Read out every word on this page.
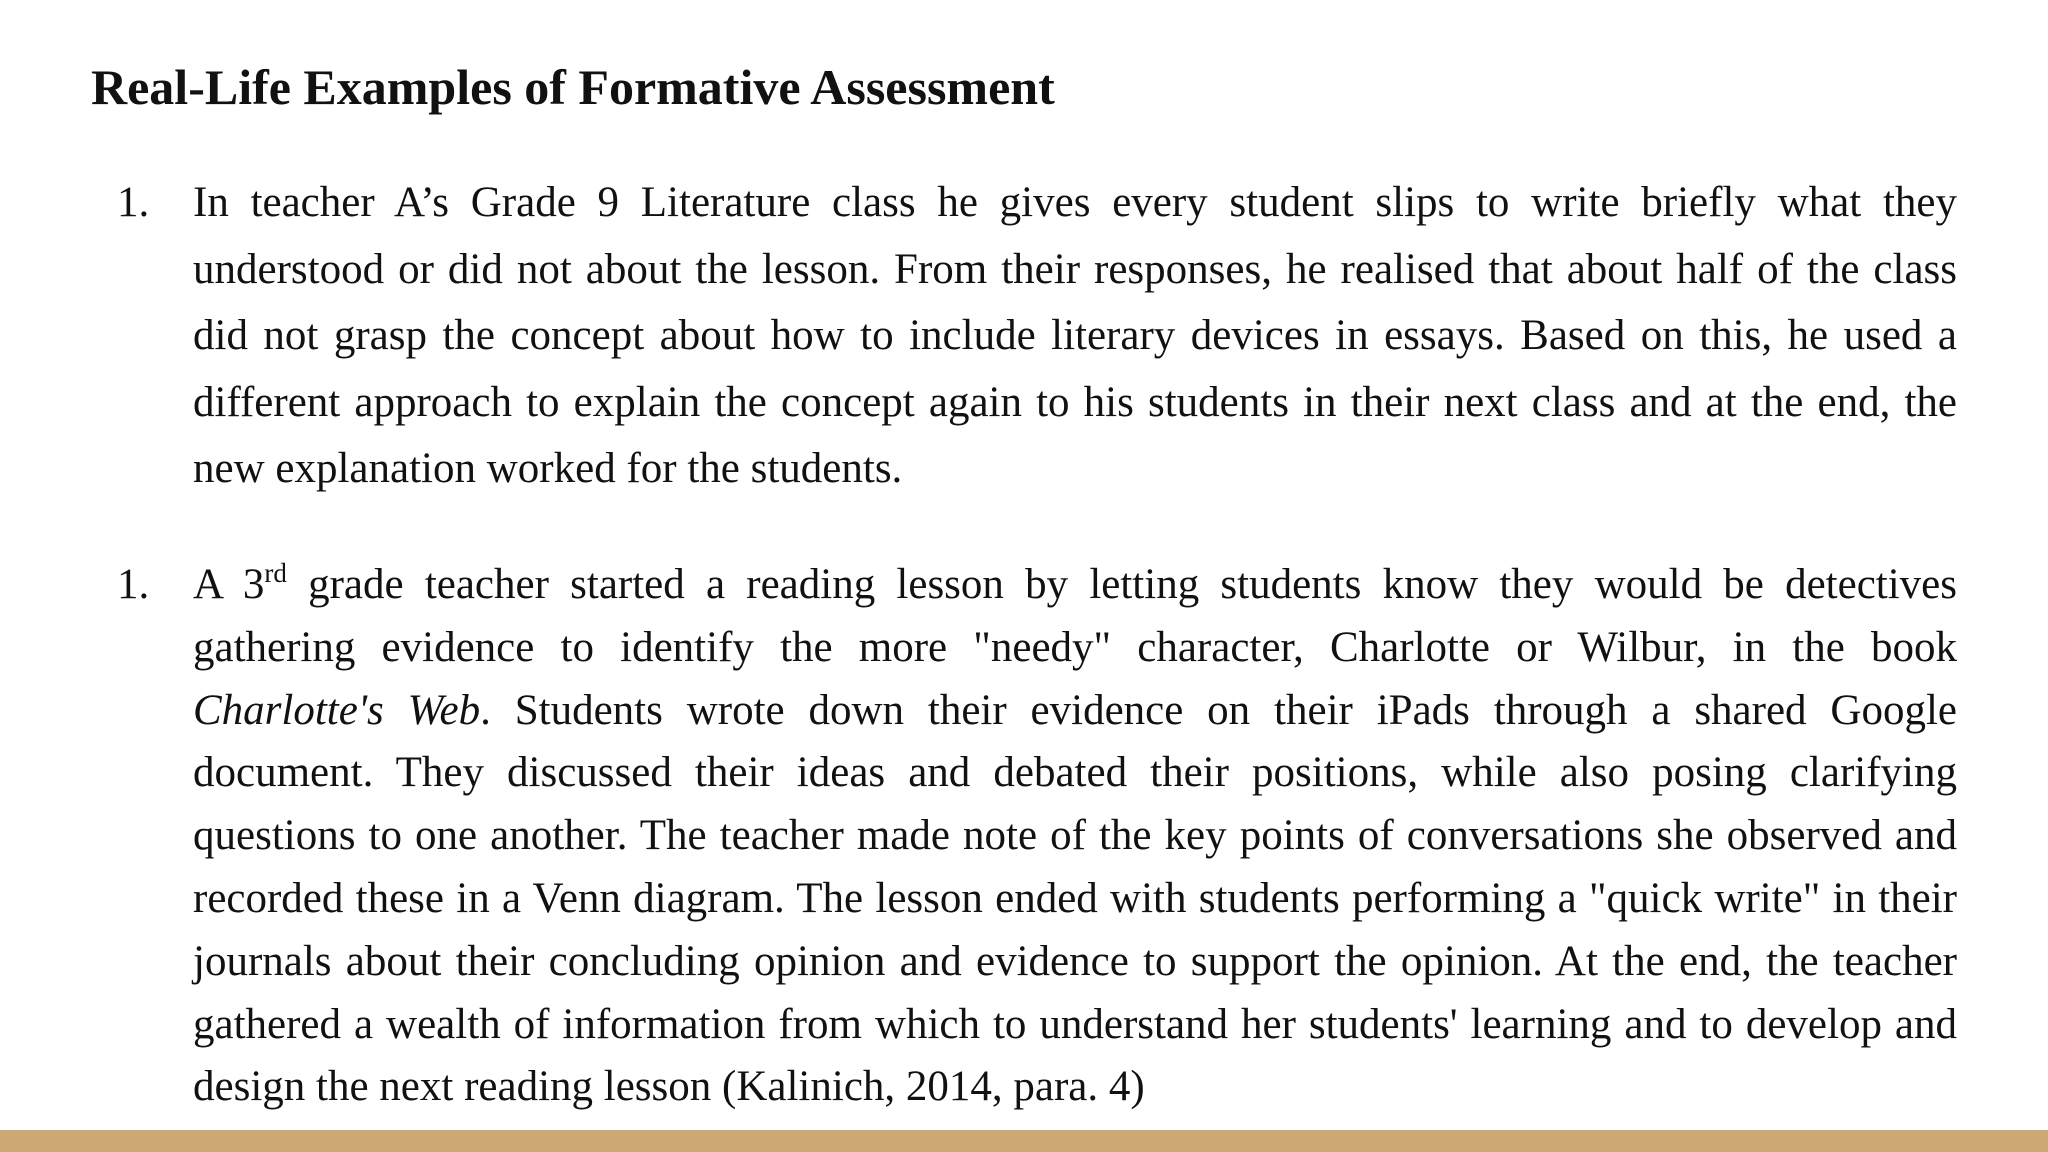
Real-Life Examples of Formative Assessment
1.	In teacher A’s Grade 9 Literature class he gives every student slips to write briefly what they understood or did not about the lesson. From their responses, he realised that about half of the class did not grasp the concept about how to include literary devices in essays. Based on this, he used a different approach to explain the concept again to his students in their next class and at the end, the new explanation worked for the students.

1.	A 3rd grade teacher started a reading lesson by letting students know they would be detectives gathering evidence to identify the more "needy" character, Charlotte or Wilbur, in the book Charlotte's Web. Students wrote down their evidence on their iPads through a shared Google document. They discussed their ideas and debated their positions, while also posing clarifying questions to one another. The teacher made note of the key points of conversations she observed and recorded these in a Venn diagram. The lesson ended with students performing a "quick write" in their journals about their concluding opinion and evidence to support the opinion. At the end, the teacher gathered a wealth of information from which to understand her students' learning and to develop and design the next reading lesson (Kalinich, 2014, para. 4)
